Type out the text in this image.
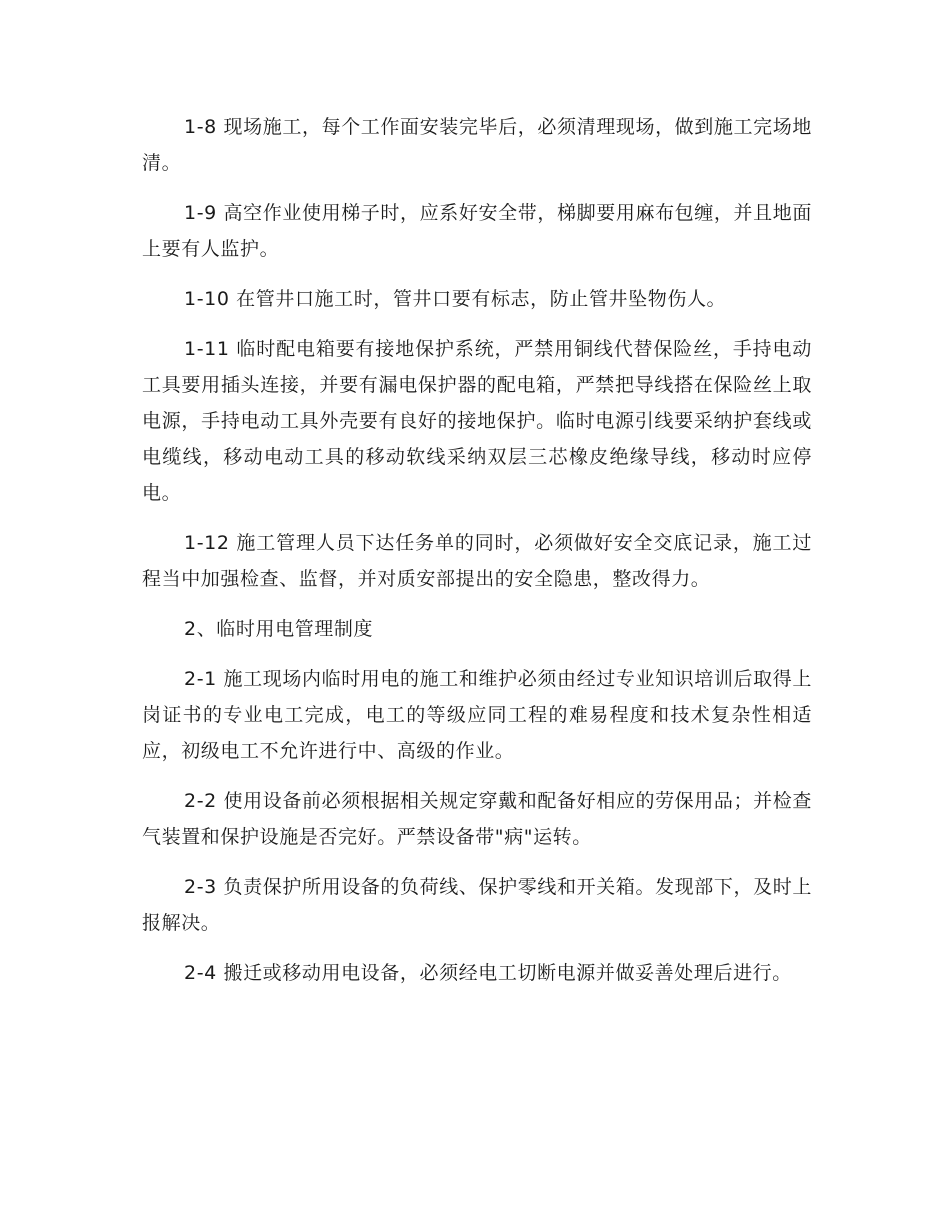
1-8 现场施工，每个工作面安装完毕后，必须清理现场，做到施工完场地清。

1-9 高空作业使用梯子时，应系好安全带，梯脚要用麻布包缠，并且地面上要有人监护。

1-10 在管井口施工时，管井口要有标志，防止管井坠物伤人。

1-11 临时配电箱要有接地保护系统，严禁用铜线代替保险丝，手持电动工具要用插头连接，并要有漏电保护器的配电箱，严禁把导线搭在保险丝上取电源，手持电动工具外壳要有良好的接地保护。临时电源引线要采纳护套线或电缆线，移动电动工具的移动软线采纳双层三芯橡皮绝缘导线，移动时应停电。

1-12 施工管理人员下达任务单的同时，必须做好安全交底记录，施工过程当中加强检查、监督，并对质安部提出的安全隐患，整改得力。

2、临时用电管理制度

2-1 施工现场内临时用电的施工和维护必须由经过专业知识培训后取得上岗证书的专业电工完成，电工的等级应同工程的难易程度和技术复杂性相适应，初级电工不允许进行中、高级的作业。

2-2 使用设备前必须根据相关规定穿戴和配备好相应的劳保用品；并检查气装置和保护设施是否完好。严禁设备带"病"运转。

2-3 负责保护所用设备的负荷线、保护零线和开关箱。发现部下，及时上报解决。

2-4 搬迁或移动用电设备，必须经电工切断电源并做妥善处理后进行。
